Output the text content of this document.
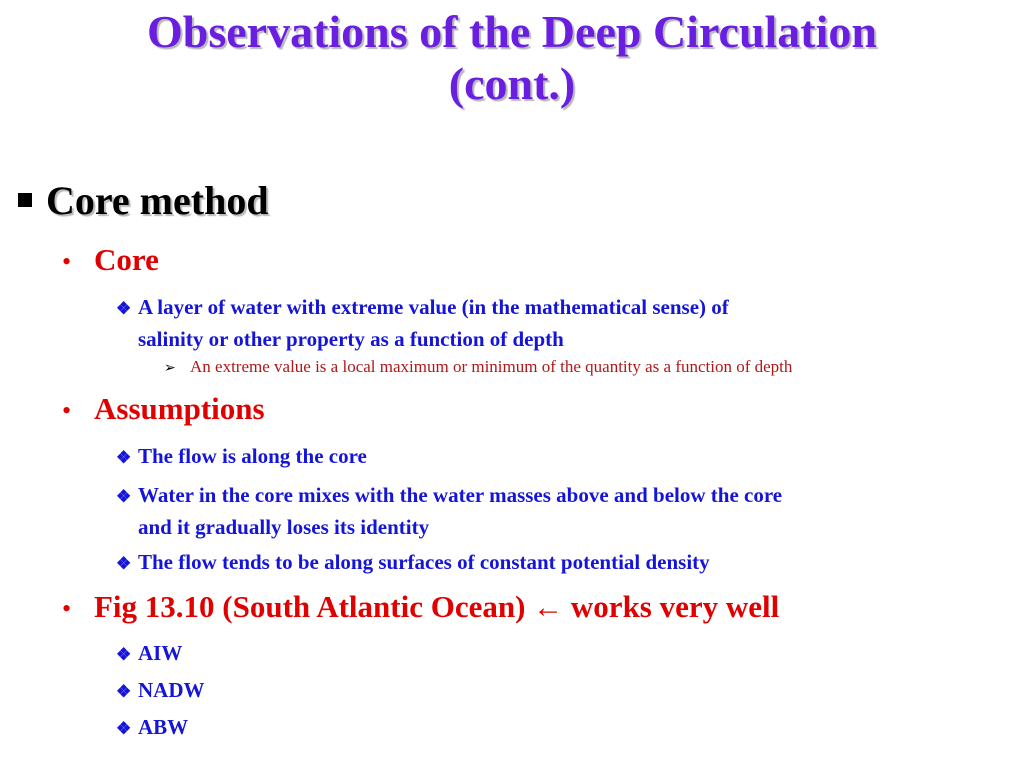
Observations of the Deep Circulation
(cont.)
Core method
• Core
❖ A layer of water with extreme value (in the mathematical sense) of
salinity or other property as a function of depth
➢ An extreme value is a local maximum or minimum of the quantity as a function of depth
• Assumptions
❖ The flow is along the core
❖ Water in the core mixes with the water masses above and below the core
and it gradually loses its identity
❖ The flow tends to be along surfaces of constant potential density
• Fig 13.10 (South Atlantic Ocean) ← works very well
❖ AIW
❖ NADW
❖ ABW
